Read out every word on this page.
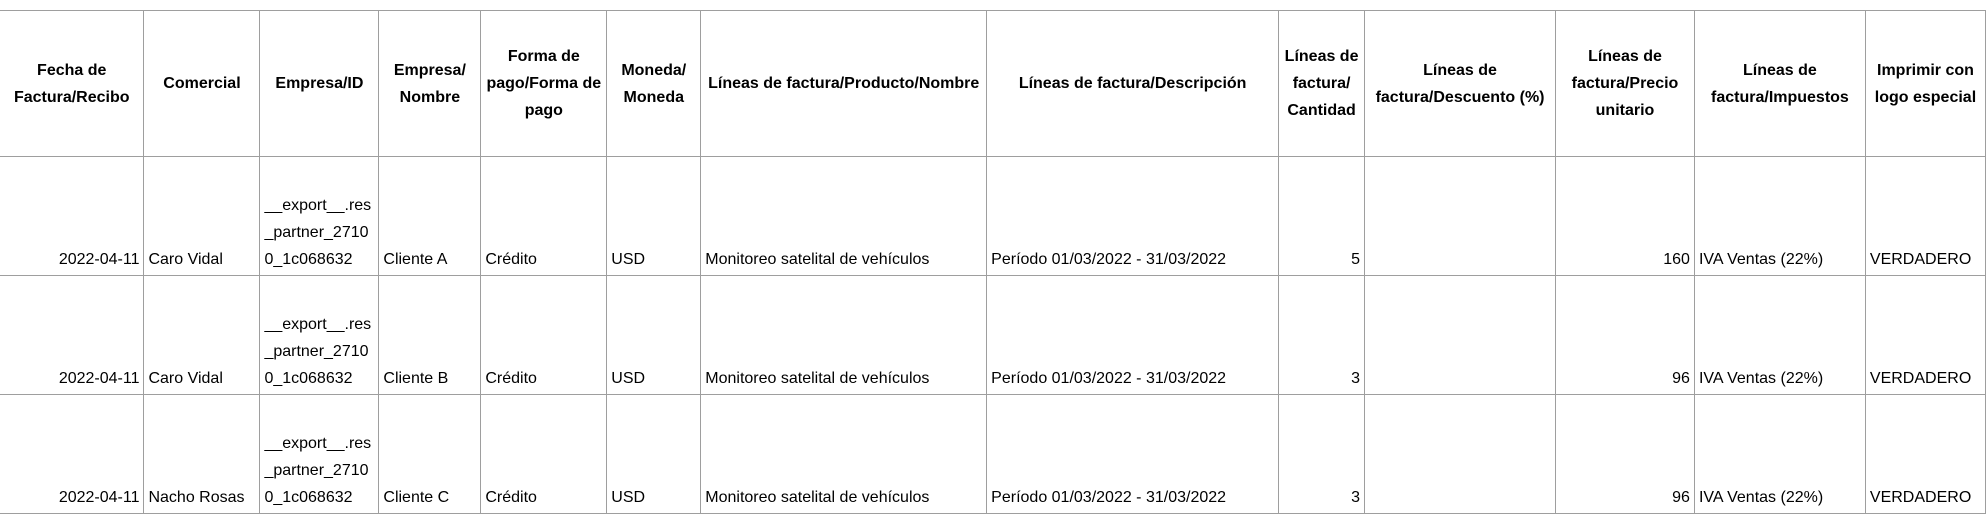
Fecha de Factura/Recibo	Comercial	Empresa/ID	Empresa/ Nombre	Forma de pago/Forma de pago	Moneda/ Moneda	Líneas de factura/Producto/Nombre	Líneas de factura/Descripción	Líneas de factura/ Cantidad	Líneas de factura/Descuento (%)	Líneas de factura/Precio unitario	Líneas de factura/Impuestos	Imprimir con logo especial
2022-04-11	Caro Vidal	__export__.res_partner_27100_1c068632	Cliente A	Crédito	USD	Monitoreo satelital de vehículos	Período 01/03/2022 - 31/03/2022	5		160	IVA Ventas (22%)	VERDADERO
2022-04-11	Caro Vidal	__export__.res_partner_27100_1c068632	Cliente B	Crédito	USD	Monitoreo satelital de vehículos	Período 01/03/2022 - 31/03/2022	3		96	IVA Ventas (22%)	VERDADERO
2022-04-11	Nacho Rosas	__export__.res_partner_27100_1c068632	Cliente C	Crédito	USD	Monitoreo satelital de vehículos	Período 01/03/2022 - 31/03/2022	3		96	IVA Ventas (22%)	VERDADERO
